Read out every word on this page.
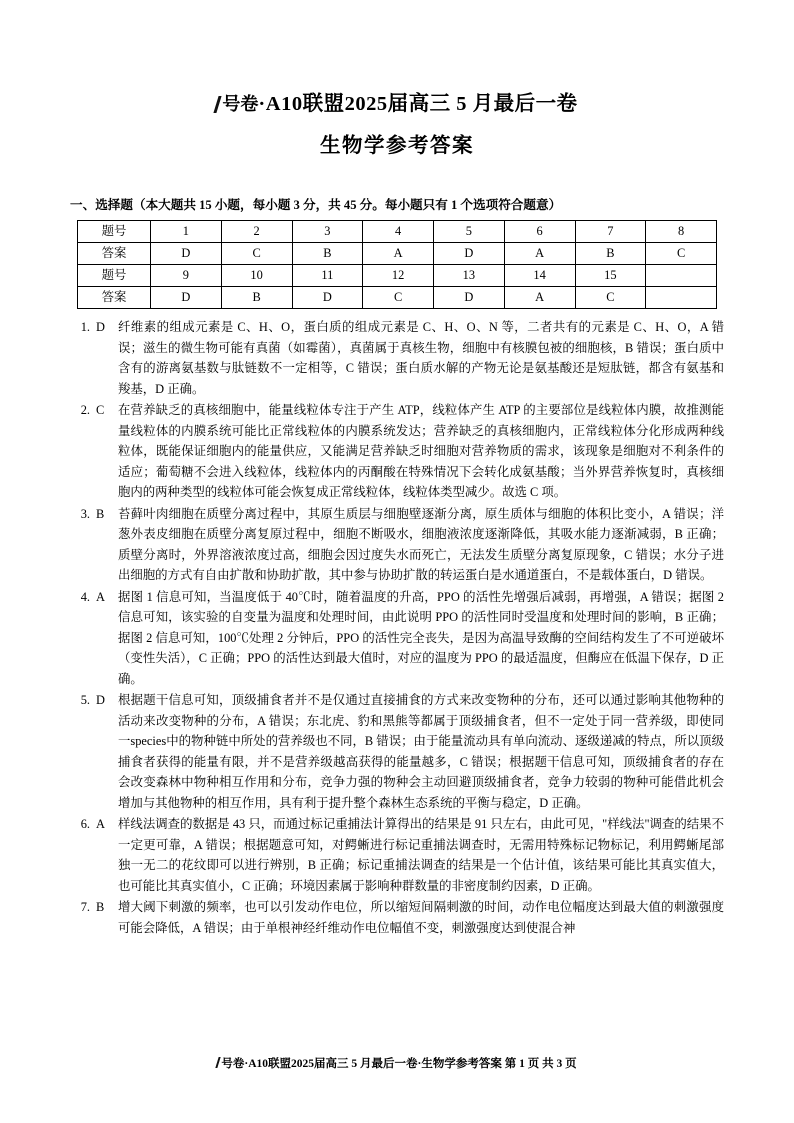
号卷·A10联盟2025届高三 5 月最后一卷
生物学参考答案
一、选择题（本大题共 15 小题，每小题 3 分，共 45 分。每小题只有 1 个选项符合题意）
题号	1	2	3	4	5	6	7	8
答案	D	C	B	A	D	A	B	C
题号	9	10	11	12	13	14	15	
答案	D	B	D	C	D	A	C	
1. D	纤维素的组成元素是 C、H、O，蛋白质的组成元素是 C、H、O、N 等，二者共有的元素是 C、H、O，A 错误；滋生的微生物可能有真菌（如霉菌），真菌属于真核生物，细胞中有核膜包被的细胞核，B 错误；蛋白质中含有的游离氨基数与肽链数不一定相等，C 错误；蛋白质水解的产物无论是氨基酸还是短肽链，都含有氨基和羧基，D 正确。
2. C	在营养缺乏的真核细胞中，能量线粒体专注于产生 ATP，线粒体产生 ATP 的主要部位是线粒体内膜，故推测能量线粒体的内膜系统可能比正常线粒体的内膜系统发达；营养缺乏的真核细胞内，正常线粒体分化形成两种线粒体，既能保证细胞内的能量供应，又能满足营养缺乏时细胞对营养物质的需求，该现象是细胞对不利条件的适应；葡萄糖不会进入线粒体，线粒体内的丙酮酸在特殊情况下会转化成氨基酸；当外界营养恢复时，真核细胞内的两种类型的线粒体可能会恢复成正常线粒体，线粒体类型减少。故选 C 项。
3. B	苔藓叶肉细胞在质壁分离过程中，其原生质层与细胞壁逐渐分离，原生质体与细胞的体积比变小，A 错误；洋葱外表皮细胞在质壁分离复原过程中，细胞不断吸水，细胞液浓度逐渐降低，其吸水能力逐渐减弱，B 正确；质壁分离时，外界溶液浓度过高，细胞会因过度失水而死亡，无法发生质壁分离复原现象，C 错误；水分子进出细胞的方式有自由扩散和协助扩散，其中参与协助扩散的转运蛋白是水通道蛋白，不是载体蛋白，D 错误。
4. A	据图 1 信息可知，当温度低于 40℃时，随着温度的升高，PPO 的活性先增强后减弱，再增强，A 错误；据图 2 信息可知，该实验的自变量为温度和处理时间，由此说明 PPO 的活性同时受温度和处理时间的影响，B 正确；据图 2 信息可知，100℃处理 2 分钟后，PPO 的活性完全丧失，是因为高温导致酶的空间结构发生了不可逆破坏（变性失活），C 正确；PPO 的活性达到最大值时，对应的温度为 PPO 的最适温度，但酶应在低温下保存，D 正确。
5. D	根据题干信息可知，顶级捕食者并不是仅通过直接捕食的方式来改变物种的分布，还可以通过影响其他物种的活动来改变物种的分布，A 错误；东北虎、豹和黑熊等都属于顶级捕食者，但不一定处于同一营养级，即使同一species中的物种链中所处的营养级也不同，B 错误；由于能量流动具有单向流动、逐级递减的特点，所以顶级捕食者获得的能量有限，并不是营养级越高获得的能量越多，C 错误；根据题干信息可知，顶级捕食者的存在会改变森林中物种相互作用和分布，竞争力强的物种会主动回避顶级捕食者，竞争力较弱的物种可能借此机会增加与其他物种的相互作用，具有利于提升整个森林生态系统的平衡与稳定，D 正确。
6. A	样线法调查的数据是 43 只，而通过标记重捕法计算得出的结果是 91 只左右，由此可见，"样线法"调查的结果不一定更可靠，A 错误；根据题意可知，对鳄蜥进行标记重捕法调查时，无需用特殊标记物标记，利用鳄蜥尾部独一无二的花纹即可以进行辨别，B 正确；标记重捕法调查的结果是一个估计值，该结果可能比其真实值大，也可能比其真实值小，C 正确；环境因素属于影响种群数量的非密度制约因素，D 正确。
7. B	增大阈下刺激的频率，也可以引发动作电位，所以缩短间隔刺激的时间，动作电位幅度达到最大值的刺激强度可能会降低，A 错误；由于单根神经纤维动作电位幅值不变，刺激强度达到使混合神
号卷·A10联盟2025届高三 5 月最后一卷·生物学参考答案 第 1 页 共 3 页
